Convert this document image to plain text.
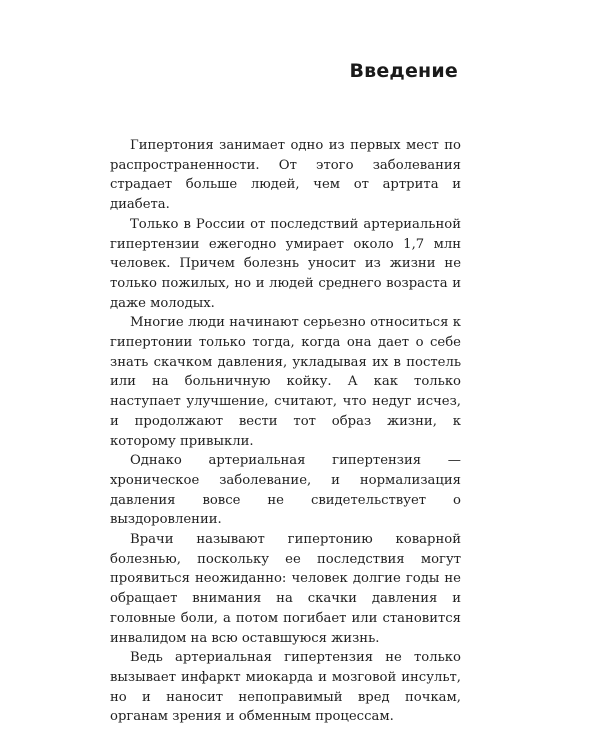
Введение

Гипертония занимает одно из первых мест по распространенности. От этого заболевания страдает больше людей, чем от артрита и диабета.

Только в России от последствий артериальной гипертензии ежегодно умирает около 1,7 млн человек. Причем болезнь уносит из жизни не только пожилых, но и людей среднего возраста и даже молодых.

Многие люди начинают серьезно относиться к гипертонии только тогда, когда она дает о себе знать скачком давления, укладывая их в постель или на больничную койку. А как только наступает улучшение, считают, что недуг исчез, и продолжают вести тот образ жизни, к которому привыкли.

Однако артериальная гипертензия — хроническое заболевание, и нормализация давления вовсе не свидетельствует о выздоровлении.

Врачи называют гипертонию коварной болезнью, поскольку ее последствия могут проявиться неожиданно: человек долгие годы не обращает внимания на скачки давления и головные боли, а потом погибает или становится инвалидом на всю оставшуюся жизнь.

Ведь артериальная гипертензия не только вызывает инфаркт миокарда и мозговой инсульт, но и наносит непоправимый вред почкам, органам зрения и обменным процессам.
